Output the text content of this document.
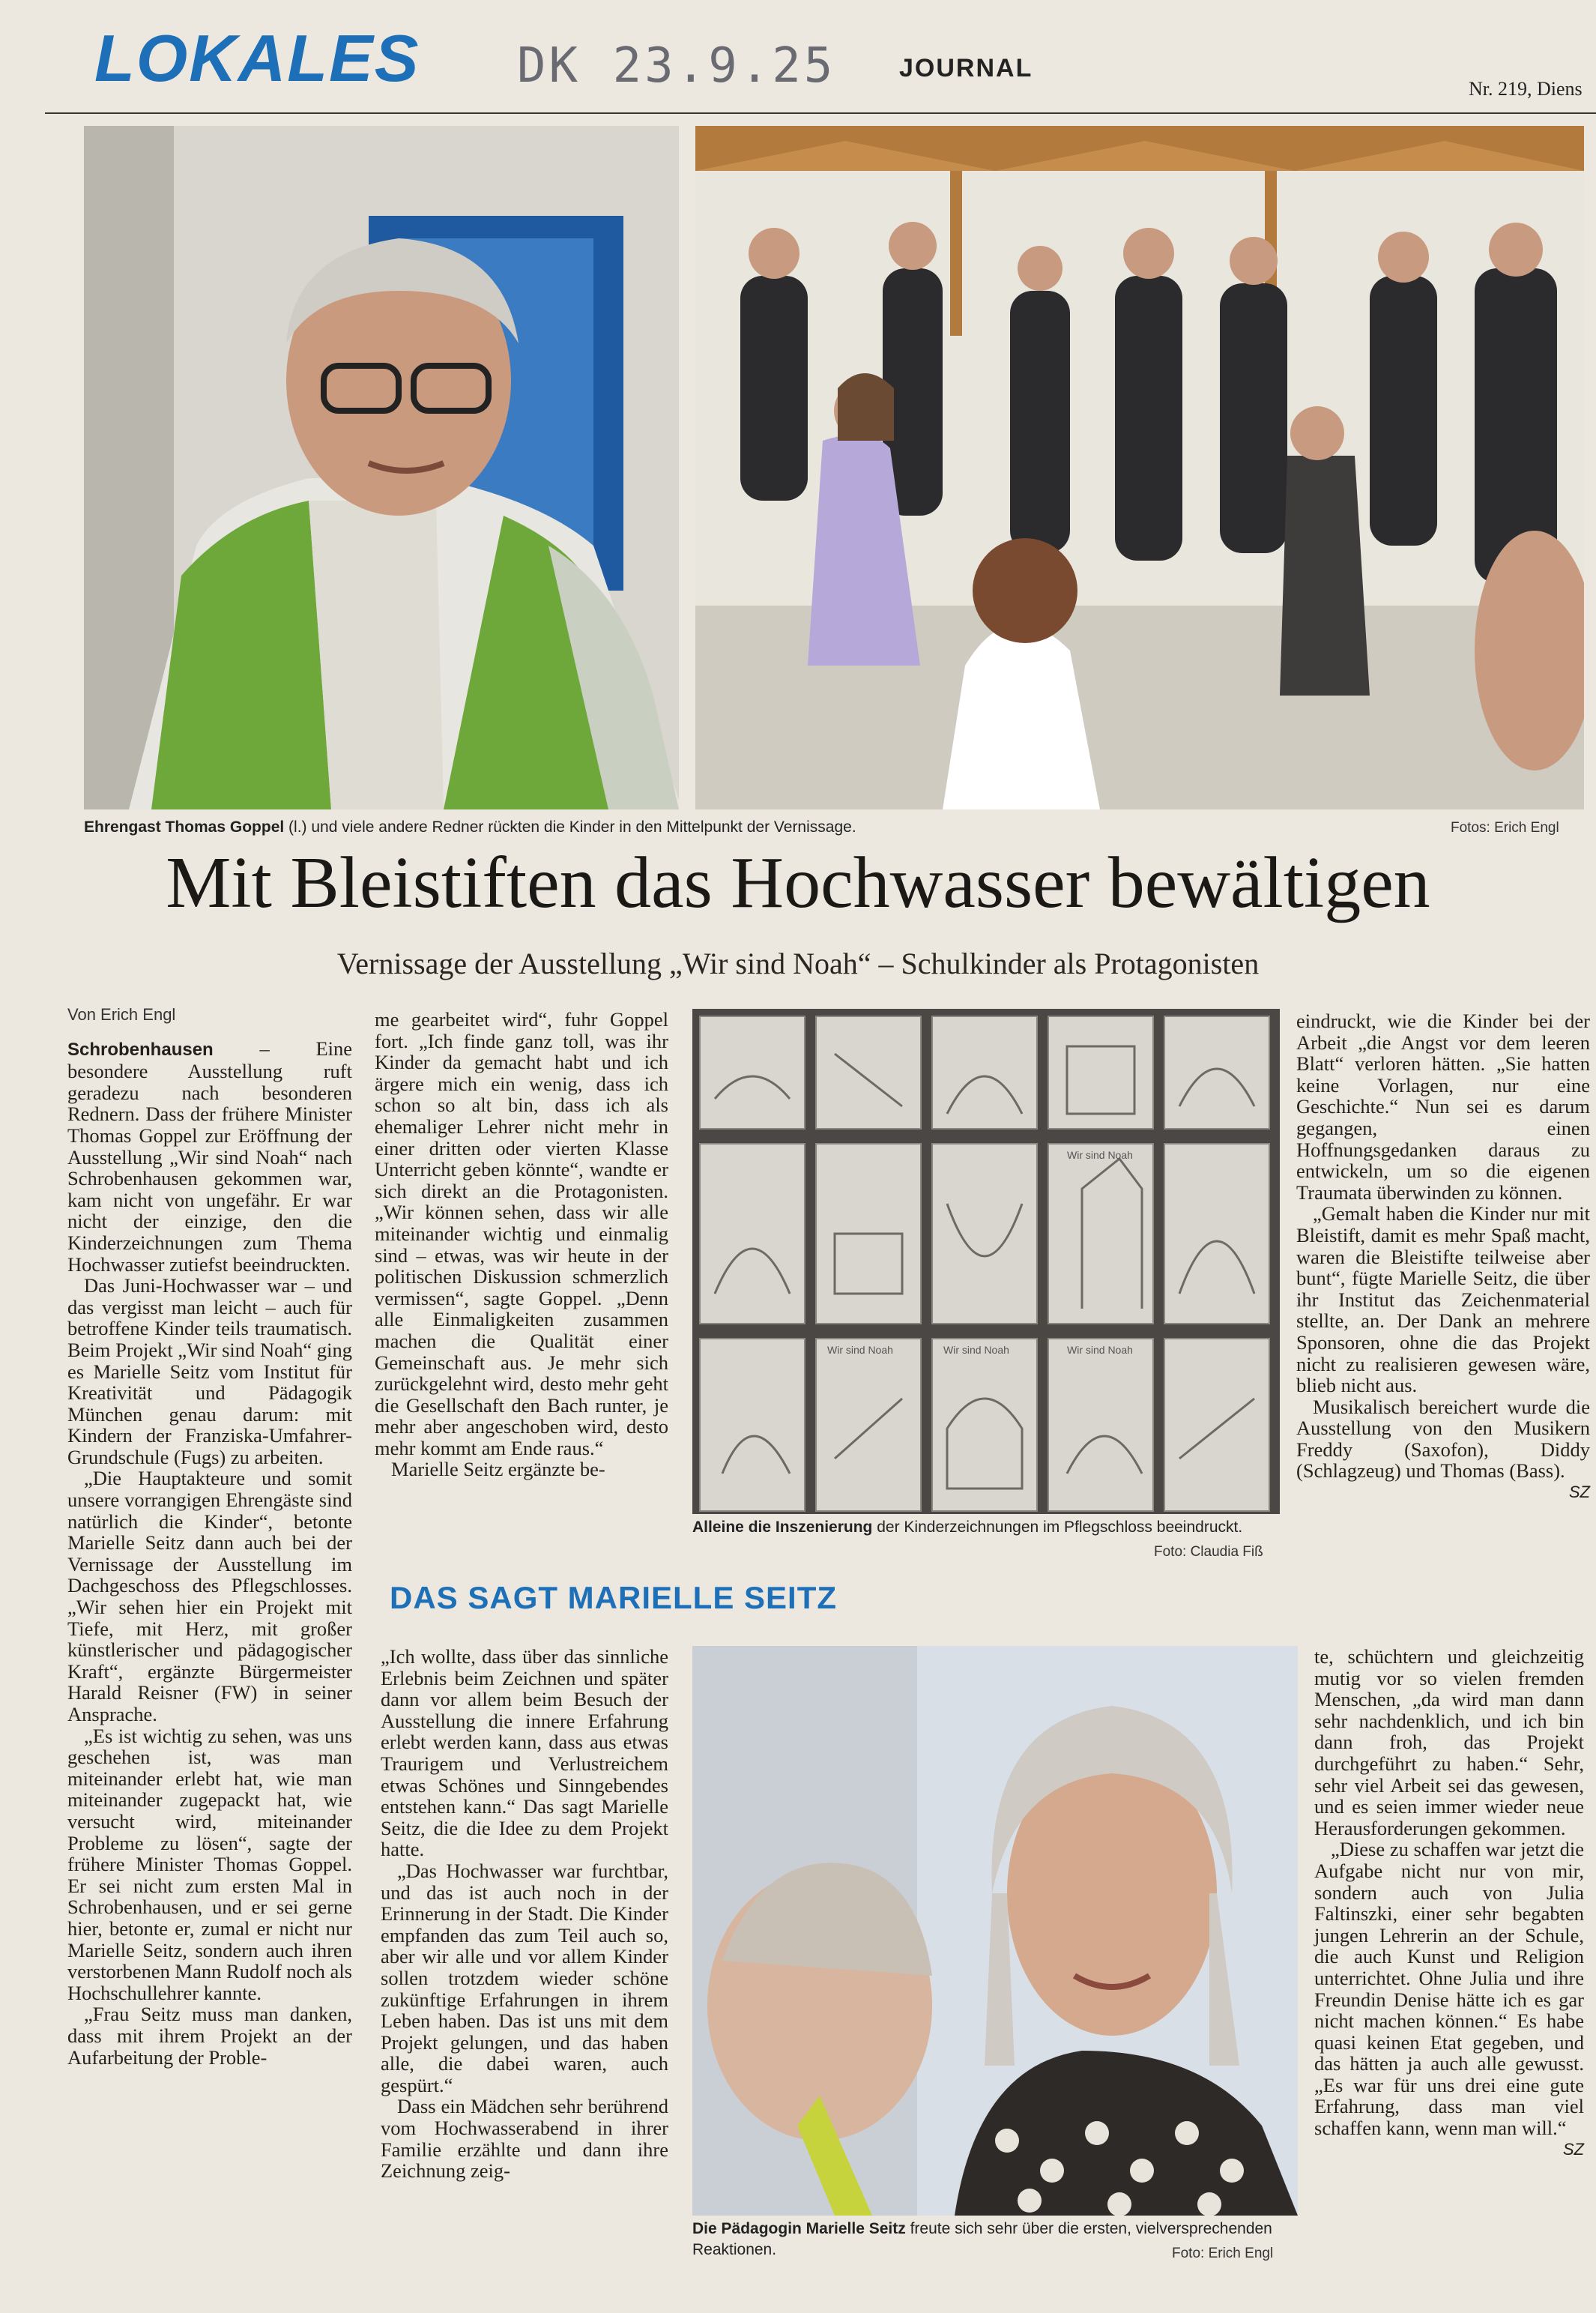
LOKALES DK 23.9.25 JOURNAL
Nr. 219, Diens
Ehrengast Thomas Goppel (l.) und viele andere Redner rückten die Kinder in den Mittelpunkt der Vernissage.	Fotos: Erich Engl
Mit Bleistiften das Hochwasser bewältigen
Vernissage der Ausstellung „Wir sind Noah“ – Schulkinder als Protagonisten

Von Erich Engl

Schrobenhausen – Eine besondere Ausstellung ruft geradezu nach besonderen Rednern. Dass der frühere Minister Thomas Goppel zur Eröffnung der Ausstellung „Wir sind Noah“ nach Schrobenhausen gekommen war, kam nicht von ungefähr. Er war nicht der einzige, den die Kinderzeichnungen zum Thema Hochwasser zutiefst beeindruckten.

Das Juni-Hochwasser war – und das vergisst man leicht – auch für betroffene Kinder teils traumatisch. Beim Projekt „Wir sind Noah“ ging es Marielle Seitz vom Institut für Kreativität und Pädagogik München genau darum: mit Kindern der Franziska-Umfahrer-Grundschule (Fugs) zu arbeiten.

„Die Hauptakteure und somit unsere vorrangigen Ehrengäste sind natürlich die Kinder“, betonte Marielle Seitz dann auch bei der Vernissage der Ausstellung im Dachgeschoss des Pflegschlosses. „Wir sehen hier ein Projekt mit Tiefe, mit Herz, mit großer künstlerischer und pädagogischer Kraft“, ergänzte Bürgermeister Harald Reisner (FW) in seiner Ansprache.

„Es ist wichtig zu sehen, was uns geschehen ist, was man miteinander erlebt hat, wie man miteinander zugepackt hat, wie versucht wird, miteinander Probleme zu lösen“, sagte der frühere Minister Thomas Goppel. Er sei nicht zum ersten Mal in Schrobenhausen, und er sei gerne hier, betonte er, zumal er nicht nur Marielle Seitz, sondern auch ihren verstorbenen Mann Rudolf noch als Hochschullehrer kannte.

„Frau Seitz muss man danken, dass mit ihrem Projekt an der Aufarbeitung der Proble-

me gearbeitet wird“, fuhr Goppel fort. „Ich finde ganz toll, was ihr Kinder da gemacht habt und ich ärgere mich ein wenig, dass ich schon so alt bin, dass ich als ehemaliger Lehrer nicht mehr in einer dritten oder vierten Klasse Unterricht geben könnte“, wandte er sich direkt an die Protagonisten. „Wir können sehen, dass wir alle miteinander wichtig und einmalig sind – etwas, was wir heute in der politischen Diskussion schmerzlich vermissen“, sagte Goppel. „Denn alle Einmaligkeiten zusammen machen die Qualität einer Gemeinschaft aus. Je mehr sich zurückgelehnt wird, desto mehr geht die Gesellschaft den Bach runter, je mehr aber angeschoben wird, desto mehr kommt am Ende raus.“

Marielle Seitz ergänzte be-

Wir sind Noah
Wir sind Noah	Wir sind Noah	Wir sind Noah
Alleine die Inszenierung der Kinderzeichnungen im Pflegschloss beeindruckt.
Foto: Claudia Fiß

eindruckt, wie die Kinder bei der Arbeit „die Angst vor dem leeren Blatt“ verloren hätten. „Sie hatten keine Vorlagen, nur eine Geschichte.“ Nun sei es darum gegangen, einen Hoffnungsgedanken daraus zu entwickeln, um so die eigenen Traumata überwinden zu können.

„Gemalt haben die Kinder nur mit Bleistift, damit es mehr Spaß macht, waren die Bleistifte teilweise aber bunt“, fügte Marielle Seitz, die über ihr Institut das Zeichenmaterial stellte, an. Der Dank an mehrere Sponsoren, ohne die das Projekt nicht zu realisieren gewesen wäre, blieb nicht aus.

Musikalisch bereichert wurde die Ausstellung von den Musikern Freddy (Saxofon), Diddy (Schlagzeug) und Thomas (Bass).
SZ

DAS SAGT MARIELLE SEITZ

„Ich wollte, dass über das sinnliche Erlebnis beim Zeichnen und später dann vor allem beim Besuch der Ausstellung die innere Erfahrung erlebt werden kann, dass aus etwas Traurigem und Verlustreichem etwas Schönes und Sinngebendes entstehen kann.“ Das sagt Marielle Seitz, die die Idee zu dem Projekt hatte.

„Das Hochwasser war furchtbar, und das ist auch noch in der Erinnerung in der Stadt. Die Kinder empfanden das zum Teil auch so, aber wir alle und vor allem Kinder sollen trotzdem wieder schöne zukünftige Erfahrungen in ihrem Leben haben. Das ist uns mit dem Projekt gelungen, und das haben alle, die dabei waren, auch gespürt.“

Dass ein Mädchen sehr berührend vom Hochwasserabend in ihrer Familie erzählte und dann ihre Zeichnung zeig-

Die Pädagogin Marielle Seitz freute sich sehr über die ersten, vielversprechenden Reaktionen.	Foto: Erich Engl

te, schüchtern und gleichzeitig mutig vor so vielen fremden Menschen, „da wird man dann sehr nachdenklich, und ich bin dann froh, das Projekt durchgeführt zu haben.“ Sehr, sehr viel Arbeit sei das gewesen, und es seien immer wieder neue Herausforderungen gekommen.

„Diese zu schaffen war jetzt die Aufgabe nicht nur von mir, sondern auch von Julia Faltinszki, einer sehr begabten jungen Lehrerin an der Schule, die auch Kunst und Religion unterrichtet. Ohne Julia und ihre Freundin Denise hätte ich es gar nicht machen können.“ Es habe quasi keinen Etat gegeben, und das hätten ja auch alle gewusst. „Es war für uns drei eine gute Erfahrung, dass man viel schaffen kann, wenn man will.“
SZ
